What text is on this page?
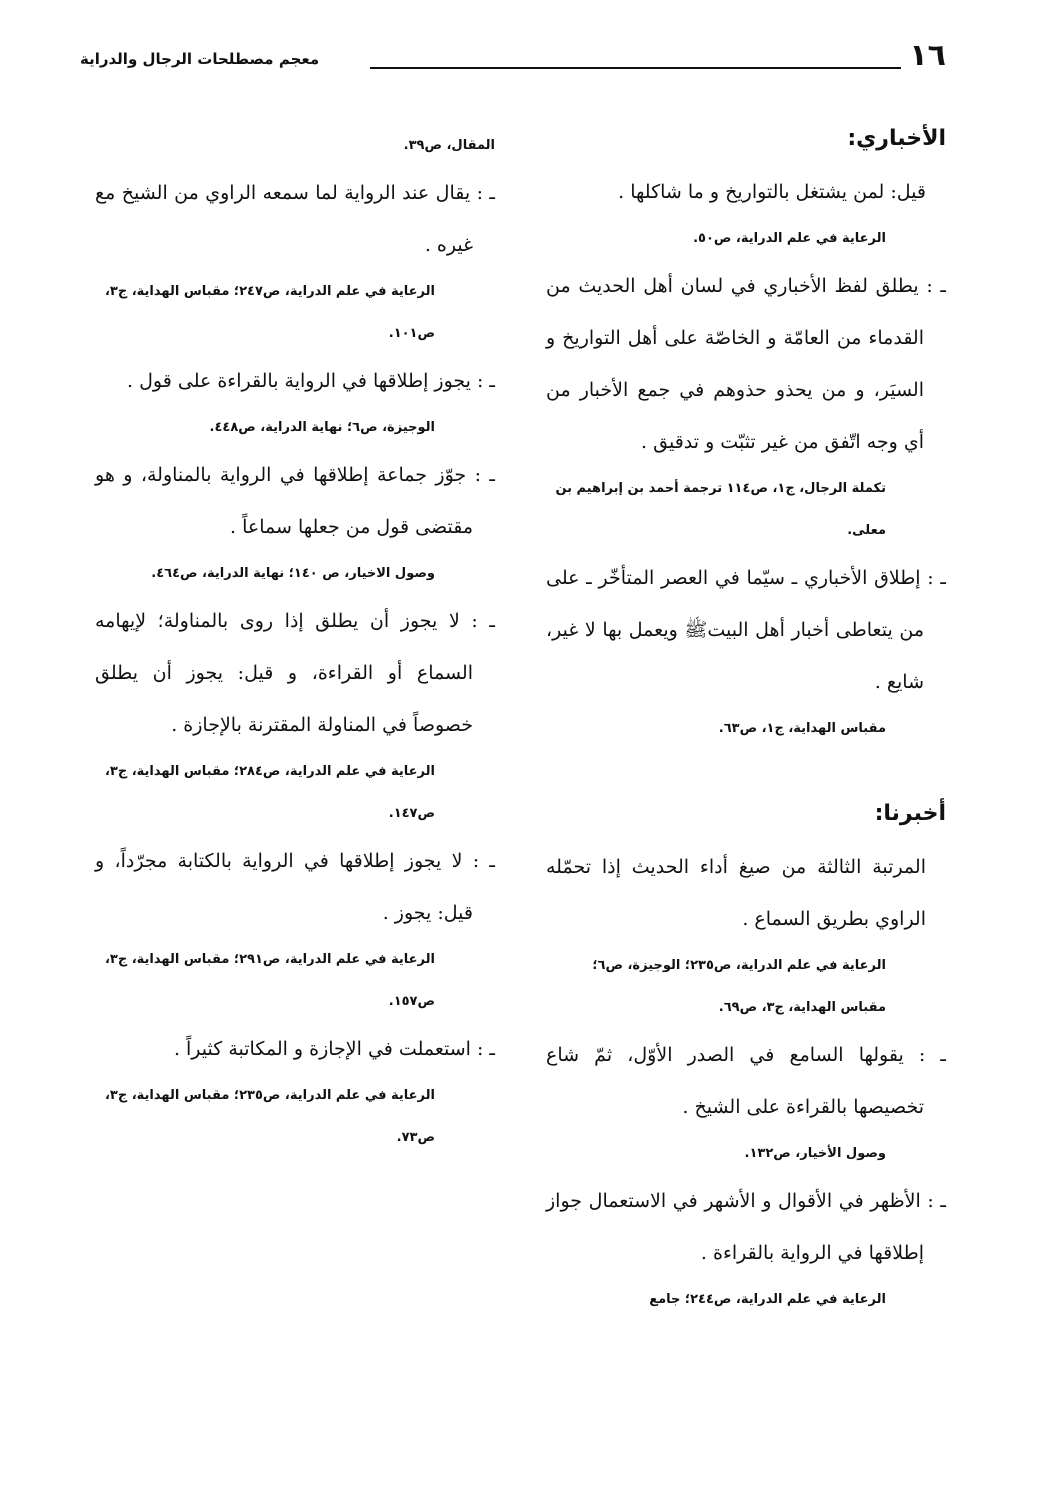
معجم مصطلحات الرجال والدراية	١٦
الأخباري:

قيل: لمن يشتغل بالتواريخ و ما شاكلها .

الرعاية في علم الدراية، ص٥٠.

ـ : يطلق لفظ الأخباري في لسان أهل الحديث من القدماء من العامّة و الخاصّة على أهل التواريخ و السيَر، و من يحذو حذوهم في جمع الأخبار من أي وجه اتّفق من غير تثبّت و تدقيق .

تكملة الرجال، ج١، ص١١٤ ترجمة أحمد بن إبراهيم بن معلى.

ـ : إطلاق الأخباري ـ سيّما في العصر المتأخّر ـ على من يتعاطى أخبار أهل البيتﷺ ويعمل بها لا غير، شايع .

مقباس الهداية، ج١، ص٦٣.

أخبرنا:

المرتبة الثالثة من صيغ أداء الحديث إذا تحمّله الراوي بطريق السماع .

الرعاية في علم الدراية، ص٢٣٥؛ الوجيزة، ص٦؛ مقباس الهداية، ج٣، ص٦٩.

ـ : يقولها السامع في الصدر الأوّل، ثمّ شاع تخصيصها بالقراءة على الشيخ .

وصول الأخيار، ص١٣٢.

ـ : الأظهر في الأقوال و الأشهر في الاستعمال جواز إطلاقها في الرواية بالقراءة .

الرعاية في علم الدراية، ص٢٤٤؛ جامع

المقال، ص٣٩.

ـ : يقال عند الرواية لما سمعه الراوي من الشيخ مع غيره .

الرعاية في علم الدراية، ص٢٤٧؛ مقباس الهداية، ج٣، ص١٠١.

ـ : يجوز إطلاقها في الرواية بالقراءة على قول .

الوجيزة، ص٦؛ نهاية الدراية، ص٤٤٨.

ـ : جوّز جماعة إطلاقها في الرواية بالمناولة، و هو مقتضى قول من جعلها سماعاً .

وصول الاخيار، ص ١٤٠؛ نهاية الدراية، ص٤٦٤.

ـ : لا يجوز أن يطلق إذا روى بالمناولة؛ لإيهامه السماع أو القراءة، و قيل: يجوز أن يطلق خصوصاً في المناولة المقترنة بالإجازة .

الرعاية في علم الدراية، ص٢٨٤؛ مقباس الهداية، ج٣، ص١٤٧.

ـ : لا يجوز إطلاقها في الرواية بالكتابة مجرّداً، و قيل: يجوز .

الرعاية في علم الدراية، ص٢٩١؛ مقباس الهداية، ج٣، ص١٥٧.

ـ : استعملت في الإجازة و المكاتبة كثيراً .

الرعاية في علم الدراية، ص٢٣٥؛ مقباس الهداية، ج٣، ص٧٣.
